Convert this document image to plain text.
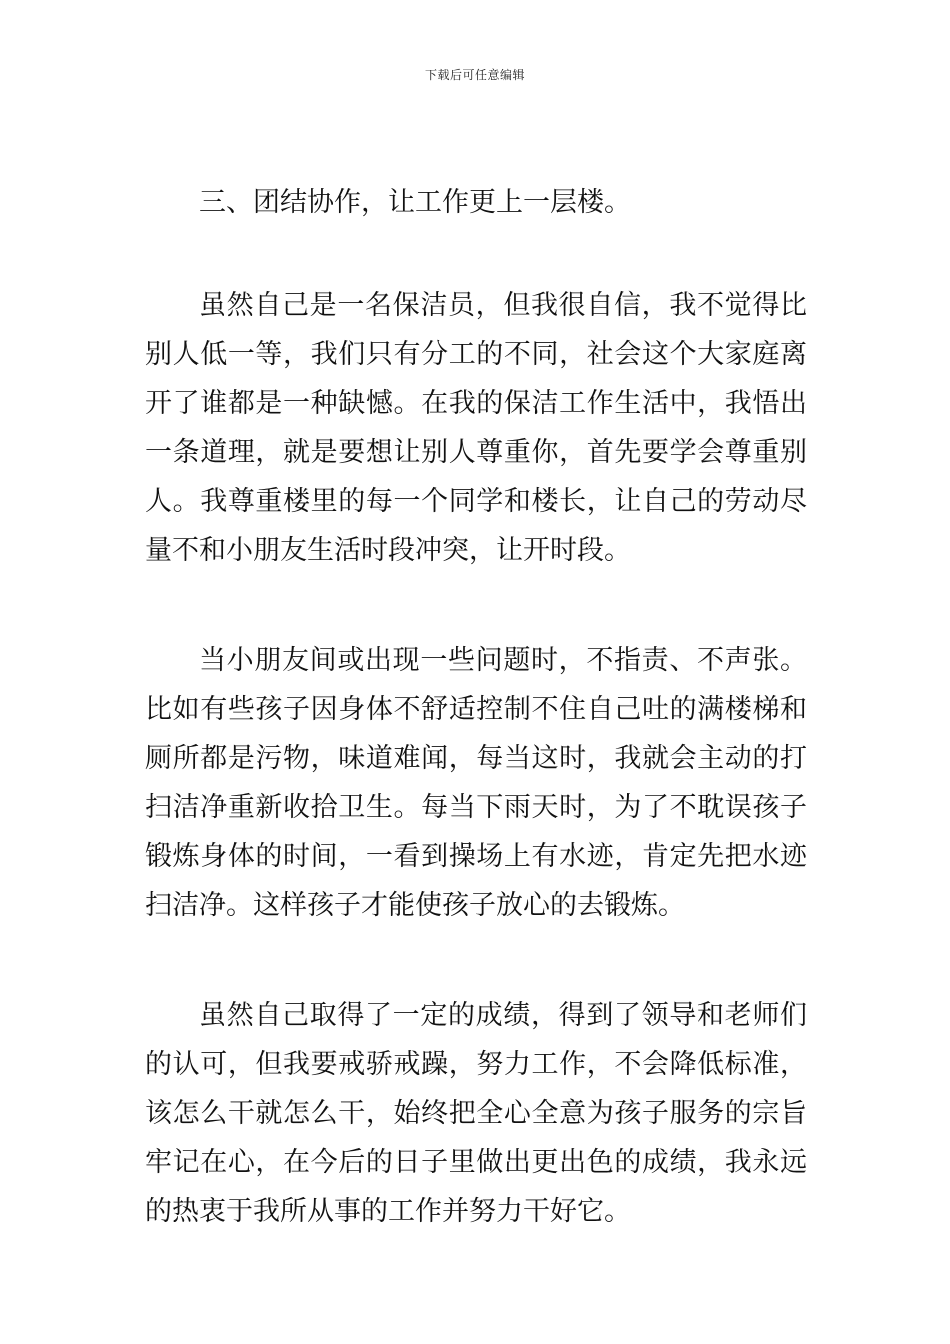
下载后可任意编辑

三、团结协作，让工作更上一层楼。

虽然自己是一名保洁员，但我很自信，我不觉得比别人低一等，我们只有分工的不同，社会这个大家庭离开了谁都是一种缺憾。在我的保洁工作生活中，我悟出一条道理，就是要想让别人尊重你，首先要学会尊重别人。我尊重楼里的每一个同学和楼长，让自己的劳动尽量不和小朋友生活时段冲突，让开时段。

当小朋友间或出现一些问题时，不指责、不声张。比如有些孩子因身体不舒适控制不住自己吐的满楼梯和厕所都是污物，味道难闻，每当这时，我就会主动的打扫洁净重新收拾卫生。每当下雨天时，为了不耽误孩子锻炼身体的时间，一看到操场上有水迹，肯定先把水迹扫洁净。这样孩子才能使孩子放心的去锻炼。

虽然自己取得了一定的成绩，得到了领导和老师们的认可，但我要戒骄戒躁，努力工作，不会降低标准，该怎么干就怎么干，始终把全心全意为孩子服务的宗旨牢记在心，在今后的日子里做出更出色的成绩，我永远的热衷于我所从事的工作并努力干好它。
